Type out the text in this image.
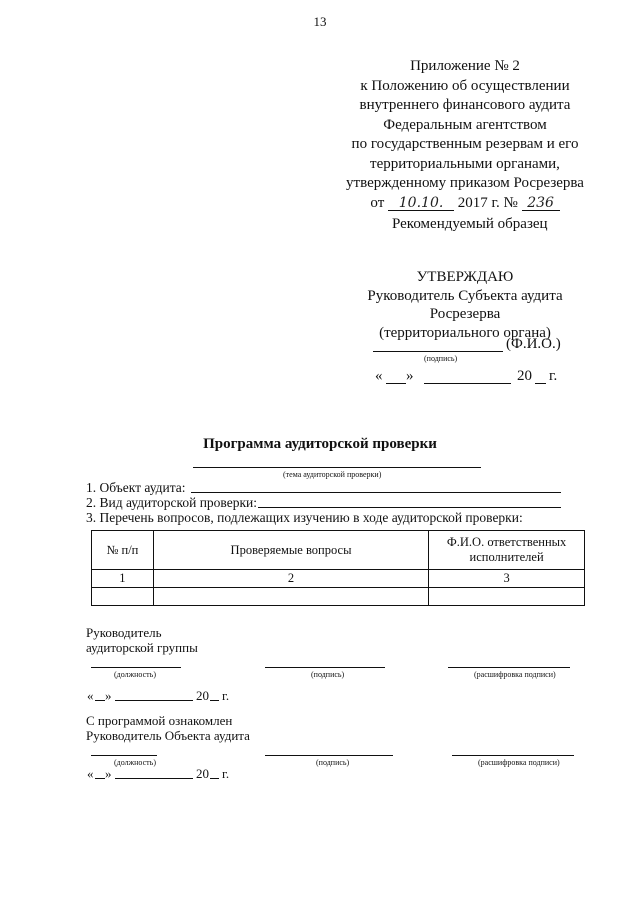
13
Приложение № 2
к Положению об осуществлении
внутреннего финансового аудита
Федеральным агентством
по государственным резервам и его
территориальными органами,
утвержденному приказом Росрезерва
от 10.10. 2017 г. № 236
Рекомендуемый образец
УТВЕРЖДАЮ
Руководитель Субъекта аудита
Росрезерва
(территориального органа)
(Ф.И.О.)
(подпись)
« »	20 г.
Программа аудиторской проверки
(тема аудиторской проверки)
1. Объект аудита:
2. Вид аудиторской проверки:
3. Перечень вопросов, подлежащих изучению в ходе аудиторской проверки:
№ п/п	Проверяемые вопросы	Ф.И.О. ответственных исполнителей
1	2	3

Руководитель
аудиторской группы
(должность)	(подпись)	(расшифровка подписи)
« »	20 г.
С программой ознакомлен
Руководитель Объекта аудита
(должность)	(подпись)	(расшифровка подписи)
« »	20 г.
